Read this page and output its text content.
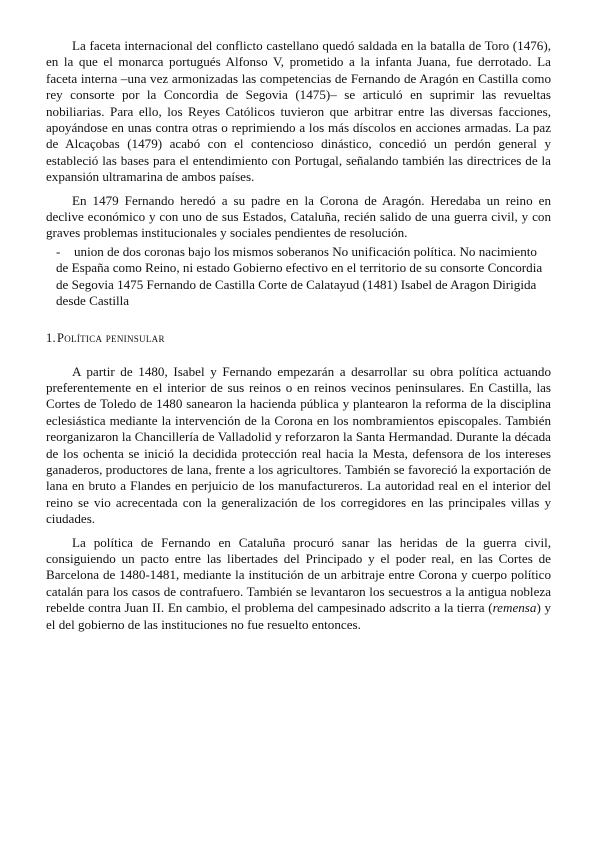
La faceta internacional del conflicto castellano quedó saldada en la batalla de Toro (1476), en la que el monarca portugués Alfonso V, prometido a la infanta Juana, fue derrotado. La faceta interna –una vez armonizadas las competencias de Fernando de Aragón en Castilla como rey consorte por la Concordia de Segovia (1475)– se articuló en suprimir las revueltas nobiliarias. Para ello, los Reyes Católicos tuvieron que arbitrar entre las diversas facciones, apoyándose en unas contra otras o reprimiendo a los más díscolos en acciones armadas. La paz de Alcaçobas (1479) acabó con el contencioso dinástico, concedió un perdón general y estableció las bases para el entendimiento con Portugal, señalando también las directrices de la expansión ultramarina de ambos países.

En 1479 Fernando heredó a su padre en la Corona de Aragón. Heredaba un reino en declive económico y con uno de sus Estados, Cataluña, recién salido de una guerra civil, y con graves problemas institucionales y sociales pendientes de resolución.

- union de dos coronas bajo los mismos soberanos No unificación política. No nacimiento de España como Reino, ni estado Gobierno efectivo en el territorio de su consorte Concordia de Segovia 1475 Fernando de Castilla Corte de Calatayud (1481) Isabel de Aragon Dirigida desde Castilla
1.Política peninsular

A partir de 1480, Isabel y Fernando empezarán a desarrollar su obra política actuando preferentemente en el interior de sus reinos o en reinos vecinos peninsulares. En Castilla, las Cortes de Toledo de 1480 sanearon la hacienda pública y plantearon la reforma de la disciplina eclesiástica mediante la intervención de la Corona en los nombramientos episcopales. También reorganizaron la Chancillería de Valladolid y reforzaron la Santa Hermandad. Durante la década de los ochenta se inició la decidida protección real hacia la Mesta, defensora de los intereses ganaderos, productores de lana, frente a los agricultores. También se favoreció la exportación de lana en bruto a Flandes en perjuicio de los manufactureros. La autoridad real en el interior del reino se vio acrecentada con la generalización de los corregidores en las principales villas y ciudades.

La política de Fernando en Cataluña procuró sanar las heridas de la guerra civil, consiguiendo un pacto entre las libertades del Principado y el poder real, en las Cortes de Barcelona de 1480-1481, mediante la institución de un arbitraje entre Corona y cuerpo político catalán para los casos de contrafuero. También se levantaron los secuestros a la antigua nobleza rebelde contra Juan II. En cambio, el problema del campesinado adscrito a la tierra (remensa) y el del gobierno de las instituciones no fue resuelto entonces.
